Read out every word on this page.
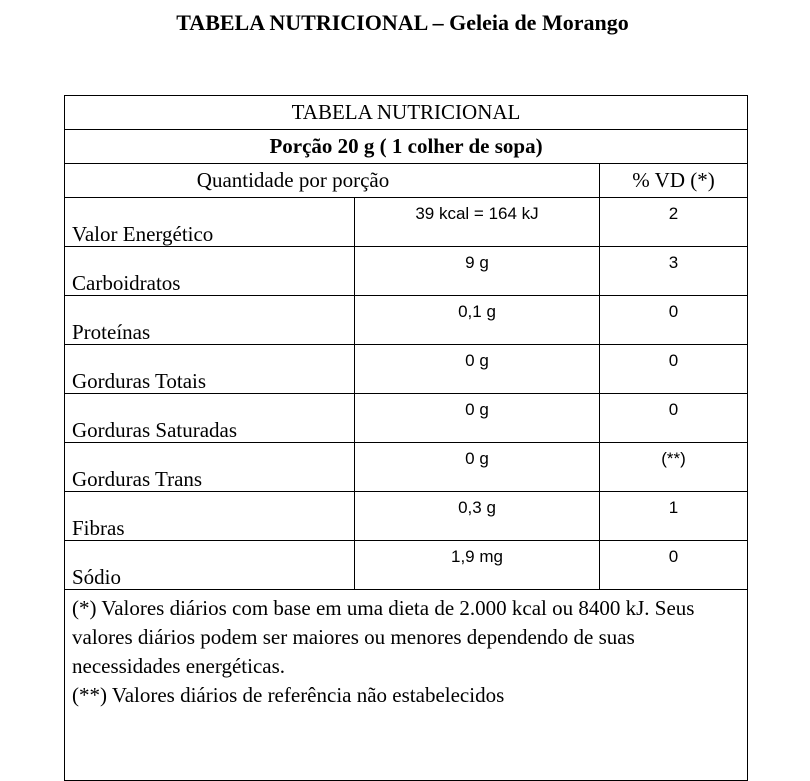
TABELA NUTRICIONAL – Geleia de Morango
TABELA NUTRICIONAL		
Porção 20 g ( 1 colher de sopa)		
Quantidade por porção		% VD (*)
Valor Energético	39 kcal = 164 kJ	2
Carboidratos	9 g	3
Proteínas	0,1 g	0
Gorduras Totais	0 g	0
Gorduras Saturadas	0 g	0
Gorduras Trans	0 g	(**)
Fibras	0,3 g	1
Sódio	1,9 mg	0

(*) Valores diários com base em uma dieta de 2.000 kcal ou 8400 kJ. Seus valores diários podem ser maiores ou menores dependendo de suas necessidades energéticas.
(**) Valores diários de referência não estabelecidos		
